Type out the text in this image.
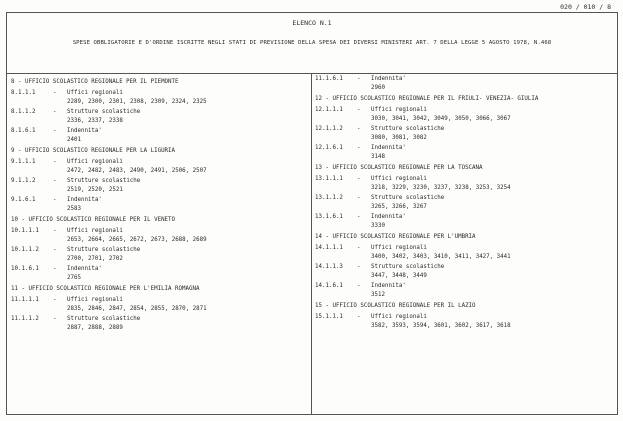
020 / 010 / 8
ELENCO N.1
SPESE OBBLIGATORIE E D'ORDINE ISCRITTE NEGLI STATI DI PREVISIONE DELLA SPESA DEI DIVERSI MINISTERI ART. 7 DELLA LEGGE 5 AGOSTO 1978, N.468
8 - UFFICIO SCOLASTICO REGIONALE PER IL PIEMONTE
8.1.1.1	-	Uffici regionali
2289, 2300, 2301, 2308, 2309, 2324, 2325
8.1.1.2	-	Strutture scolastiche
2336, 2337, 2338
8.1.6.1	-	Indennita'
2401
9 - UFFICIO SCOLASTICO REGIONALE PER LA LIGURIA
9.1.1.1	-	Uffici regionali
2472, 2482, 2483, 2490, 2491, 2506, 2507
9.1.1.2	-	Strutture scolastiche
2519, 2520, 2521
9.1.6.1	-	Indennita'
2583
10 - UFFICIO SCOLASTICO REGIONALE PER IL VENETO
10.1.1.1	-	Uffici regionali
2653, 2664, 2665, 2672, 2673, 2688, 2689
10.1.1.2	-	Strutture scolastiche
2700, 2701, 2702
10.1.6.1	-	Indennita'
2765
11 - UFFICIO SCOLASTICO REGIONALE PER L'EMILIA ROMAGNA
11.1.1.1	-	Uffici regionali
2835, 2846, 2847, 2854, 2855, 2870, 2871
11.1.1.2	-	Strutture scolastiche
2887, 2888, 2889
11.1.6.1	-	Indennita'
2960
12 - UFFICIO SCOLASTICO REGIONALE PER IL FRIULI- VENEZIA- GIULIA
12.1.1.1	-	Uffici regionali
3030, 3041, 3042, 3049, 3050, 3066, 3067
12.1.1.2	-	Strutture scolastiche
3080, 3081, 3082
12.1.6.1	-	Indennita'
3148
13 - UFFICIO SCOLASTICO REGIONALE PER LA TOSCANA
13.1.1.1	-	Uffici regionali
3218, 3229, 3230, 3237, 3238, 3253, 3254
13.1.1.2	-	Strutture scolastiche
3265, 3266, 3267
13.1.6.1	-	Indennita'
3330
14 - UFFICIO SCOLASTICO REGIONALE PER L'UMBRIA
14.1.1.1	-	Uffici regionali
3400, 3402, 3403, 3410, 3411, 3427, 3441
14.1.1.3	-	Strutture scolastiche
3447, 3448, 3449
14.1.6.1	-	Indennita'
3512
15 - UFFICIO SCOLASTICO REGIONALE PER IL LAZIO
15.1.1.1	-	Uffici regionali
3582, 3593, 3594, 3601, 3602, 3617, 3618
